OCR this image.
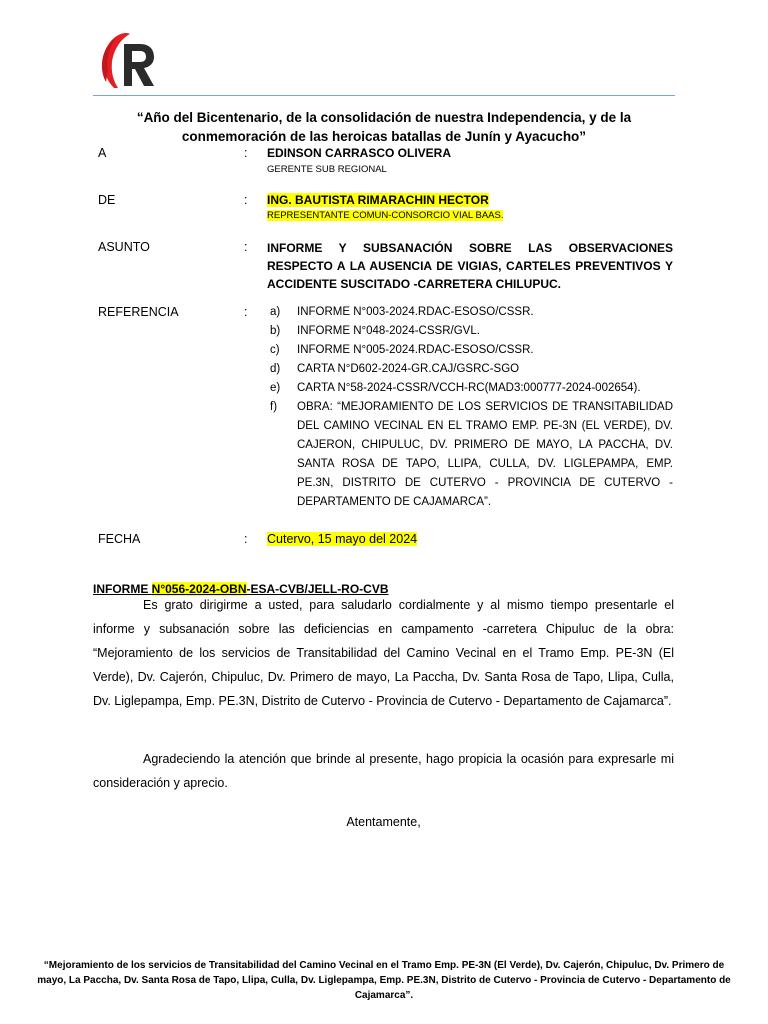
“Año del Bicentenario, de la consolidación de nuestra Independencia, y de la conmemoración de las heroicas batallas de Junín y Ayacucho”
A	: EDINSON CARRASCO OLIVERA
GERENTE SUB REGIONAL
DE	: ING. BAUTISTA RIMARACHIN HECTOR
REPRESENTANTE COMUN-CONSORCIO VIAL BAAS.
ASUNTO	: INFORME Y SUBSANACIÓN SOBRE LAS OBSERVACIONES RESPECTO A LA AUSENCIA DE VIGIAS, CARTELES PREVENTIVOS Y ACCIDENTE SUSCITADO -CARRETERA CHILUPUC.
REFERENCIA	: a)	INFORME N°003-2024.RDAC-ESOSO/CSSR.
b)	INFORME N°048-2024-CSSR/GVL.
c)	INFORME N°005-2024.RDAC-ESOSO/CSSR.
d)	CARTA N°D602-2024-GR.CAJ/GSRC-SGO
e)	CARTA N°58-2024-CSSR/VCCH-RC(MAD3:000777-2024-002654).
f)	OBRA: “MEJORAMIENTO DE LOS SERVICIOS DE TRANSITABILIDAD DEL CAMINO VECINAL EN EL TRAMO EMP. PE-3N (EL VERDE), DV. CAJERON, CHIPULUC, DV. PRIMERO DE MAYO, LA PACCHA, DV. SANTA ROSA DE TAPO, LLIPA, CULLA, DV. LIGLEPAMPA, EMP. PE.3N, DISTRITO DE CUTERVO - PROVINCIA DE CUTERVO - DEPARTAMENTO DE CAJAMARCA”.
FECHA	: Cutervo, 15 mayo del 2024
INFORME N°056-2024-OBN-ESA-CVB/JELL-RO-CVB
Es grato dirigirme a usted, para saludarlo cordialmente y al mismo tiempo presentarle el informe y subsanación sobre las deficiencias en campamento -carretera Chipuluc de la obra: “Mejoramiento de los servicios de Transitabilidad del Camino Vecinal en el Tramo Emp. PE-3N (El Verde), Dv. Cajerón, Chipuluc, Dv. Primero de mayo, La Paccha, Dv. Santa Rosa de Tapo, Llipa, Culla, Dv. Liglepampa, Emp. PE.3N, Distrito de Cutervo - Provincia de Cutervo - Departamento de Cajamarca”.
Agradeciendo la atención que brinde al presente, hago propicia la ocasión para expresarle mi consideración y aprecio.
Atentamente,
“Mejoramiento de los servicios de Transitabilidad del Camino Vecinal en el Tramo Emp. PE-3N (El Verde), Dv. Cajerón, Chipuluc, Dv. Primero de mayo, La Paccha, Dv. Santa Rosa de Tapo, Llipa, Culla, Dv. Liglepampa, Emp. PE.3N, Distrito de Cutervo - Provincia de Cutervo - Departamento de Cajamarca”.
